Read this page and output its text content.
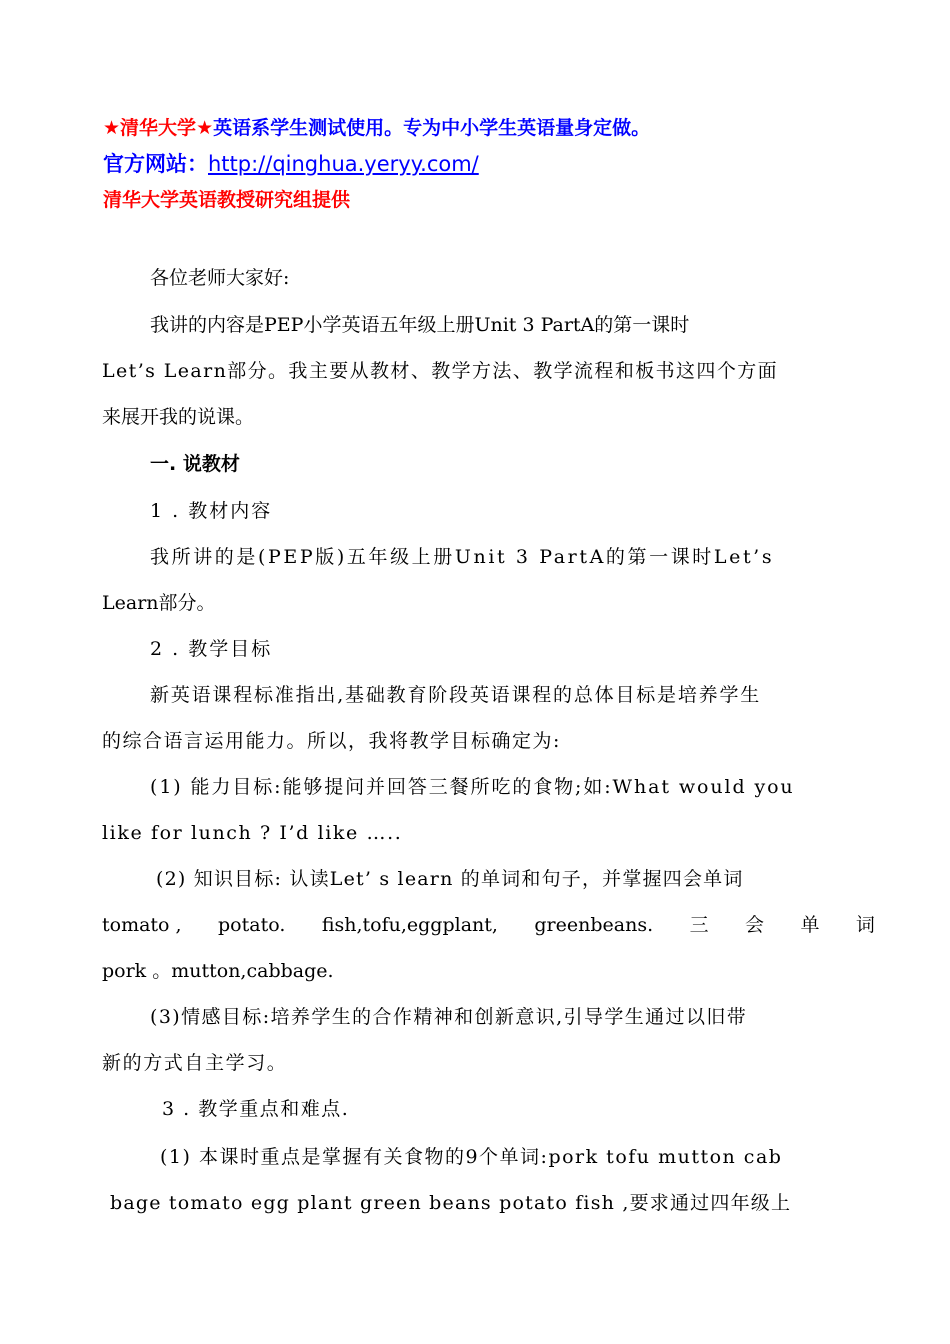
★清华大学★英语系学生测试使用。专为中小学生英语量身定做。
官方网站：http://qinghua.yeryy.com/
清华大学英语教授研究组提供
各位老师大家好:
我讲的内容是PEP小学英语五年级上册Unit 3 PartA的第一课时
Let’s Learn部分。我主要从教材、教学方法、教学流程和板书这四个方面
来展开我的说课。
一. 说教材
1 . 教材内容
我所讲的是(PEP版)五年级上册Unit 3 PartA的第一课时Let’s
Learn部分。
2 . 教学目标
新英语课程标准指出,基础教育阶段英语课程的总体目标是培养学生
的综合语言运用能力。所以，我将教学目标确定为:
(1) 能力目标:能够提问并回答三餐所吃的食物;如:What would you
like for lunch ? I’d like …..
(2) 知识目标: 认读Let’ s learn 的单词和句子，并掌握四会单词
tomato , potato. fish,tofu,eggplant, greenbeans. 三 会 单 词
pork 。mutton,cabbage.
(3)情感目标:培养学生的合作精神和创新意识,引导学生通过以旧带
新的方式自主学习。
3 . 教学重点和难点.
(1) 本课时重点是掌握有关食物的9个单词:pork tofu mutton cab
bage tomato egg plant green beans potato fish ,要求通过四年级上
